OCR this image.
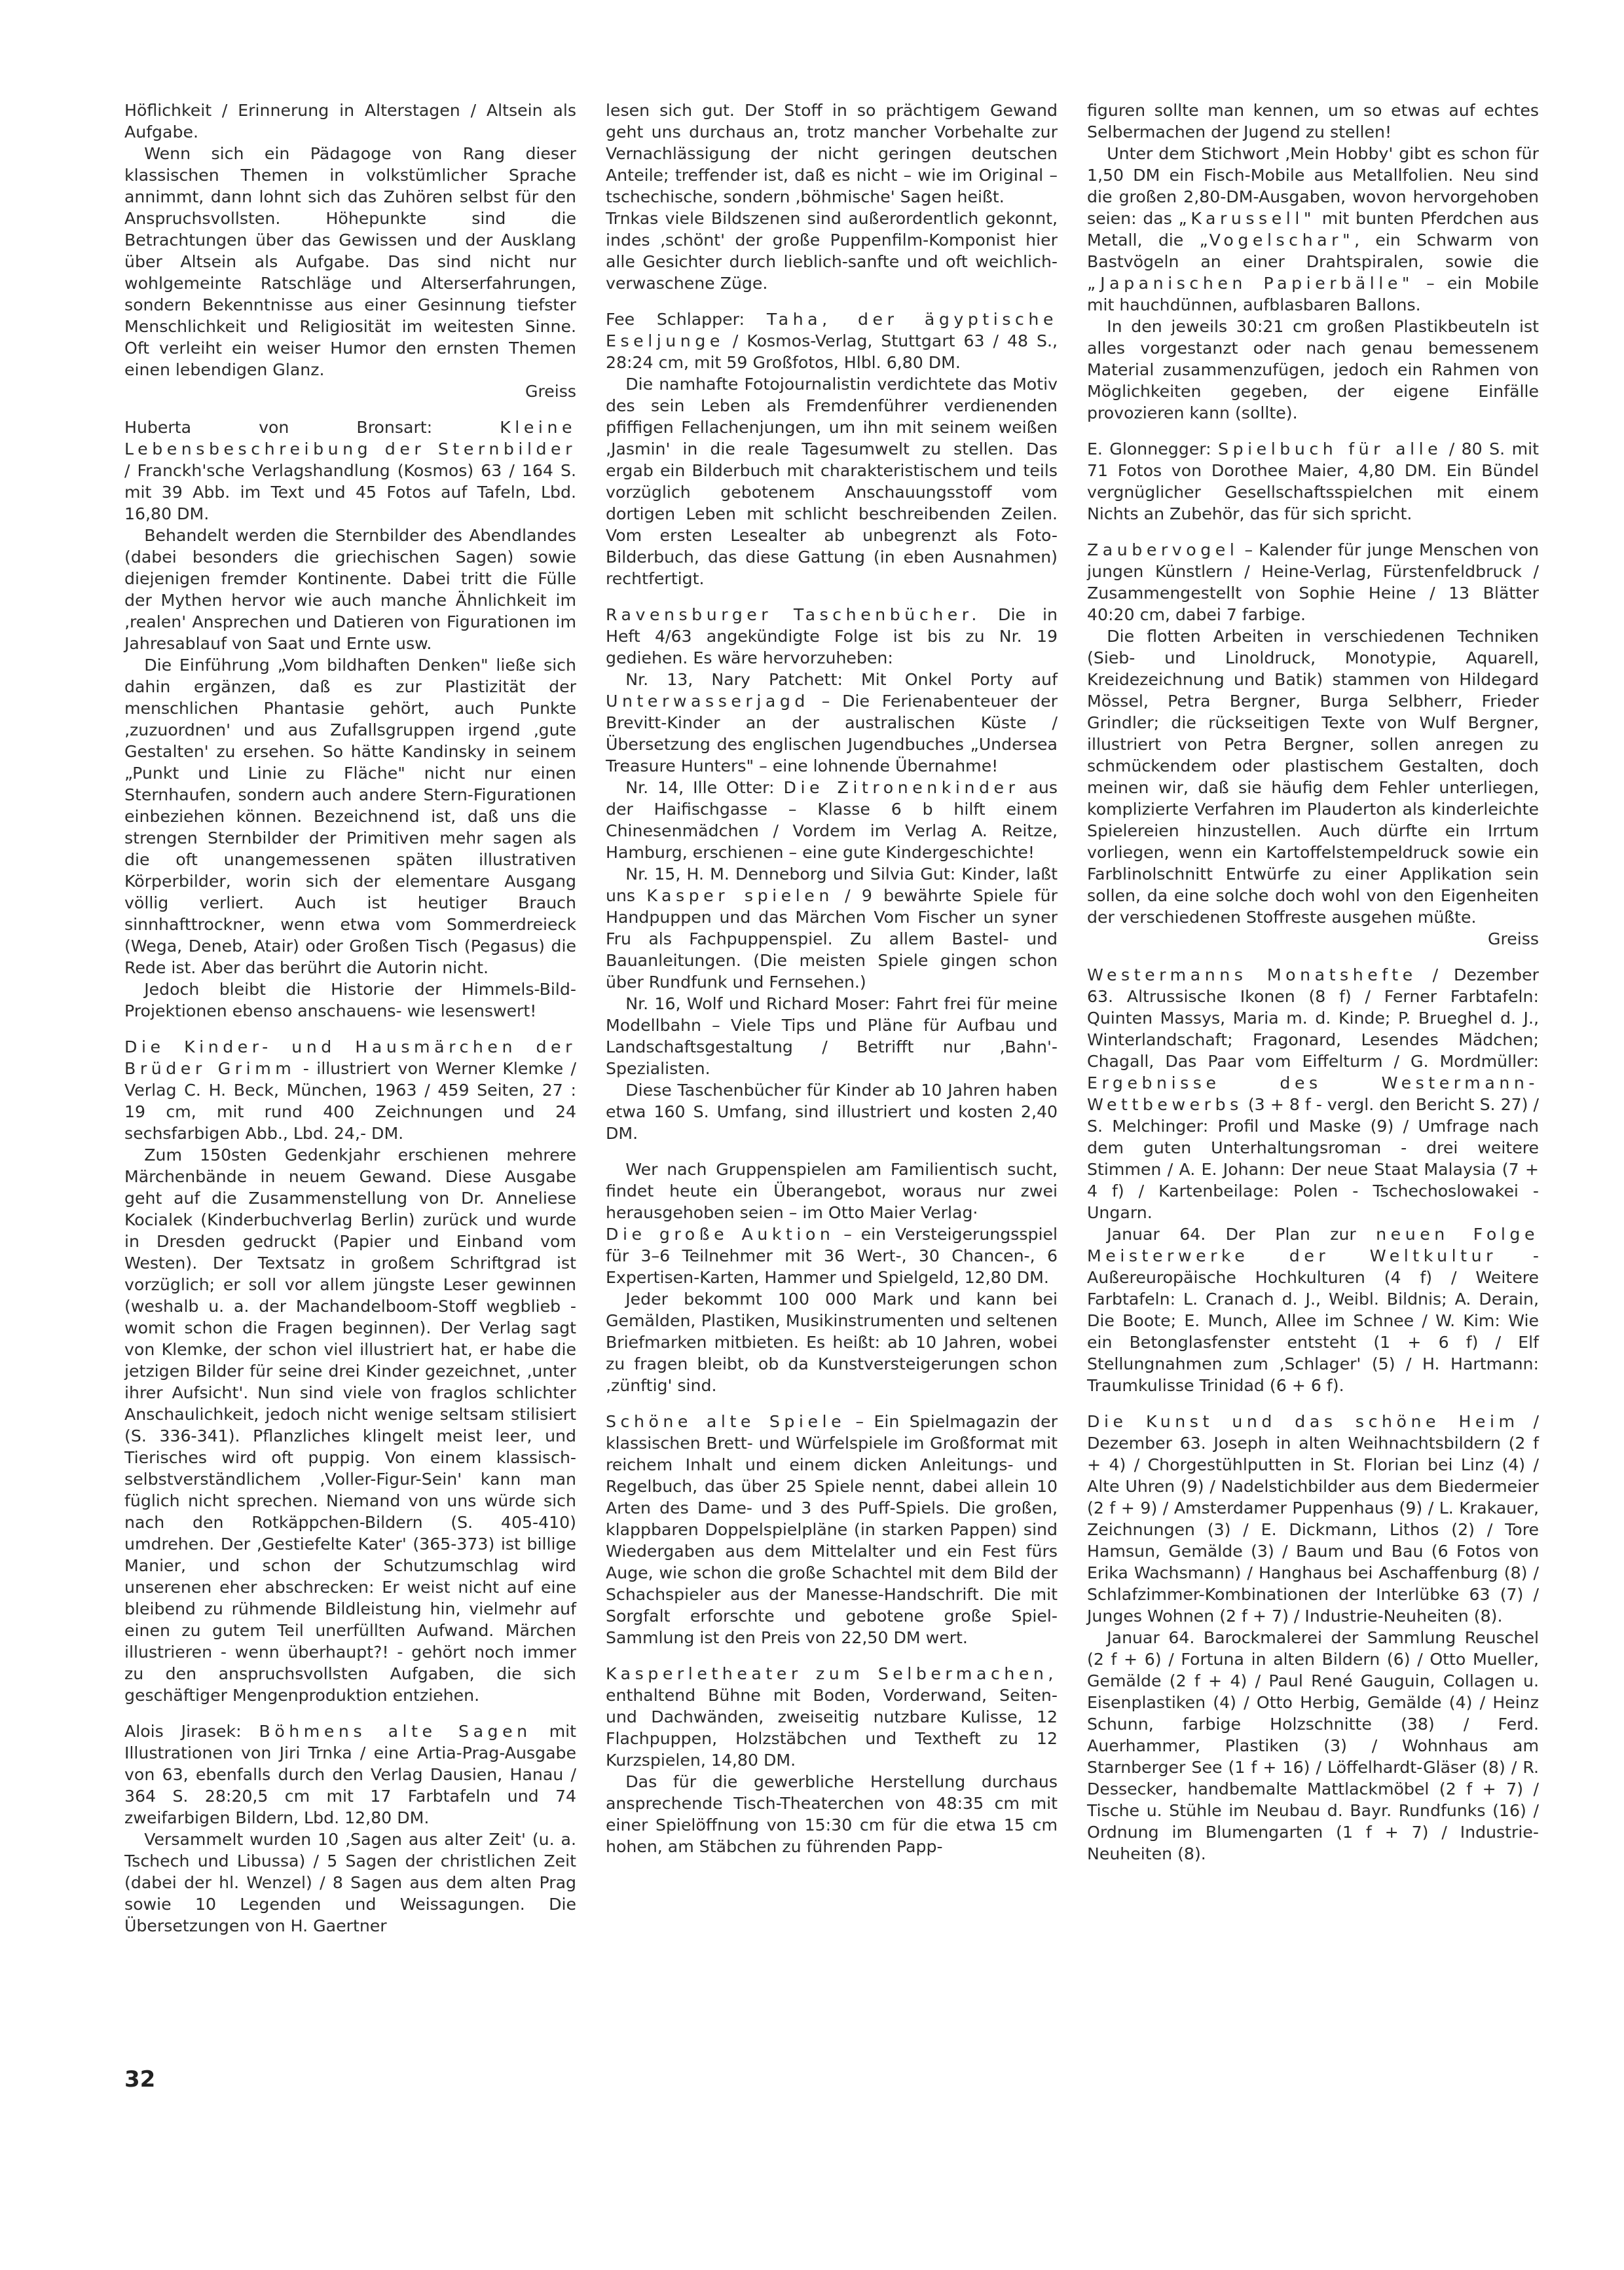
Höflichkeit / Erinnerung in Alterstagen / Altsein als Aufgabe.

Wenn sich ein Pädagoge von Rang dieser klassischen Themen in volkstümlicher Sprache annimmt, dann lohnt sich das Zuhören selbst für den Anspruchsvollsten. Höhepunkte sind die Betrachtungen über das Gewissen und der Ausklang über Altsein als Aufgabe. Das sind nicht nur wohlgemeinte Ratschläge und Alterserfahrungen, sondern Bekenntnisse aus einer Gesinnung tiefster Menschlichkeit und Religiosität im weitesten Sinne. Oft verleiht ein weiser Humor den ernsten Themen einen lebendigen Glanz.
Greiss

Huberta von Bronsart:	Kleine Lebensbeschreibung der Sternbilder / Franckh'sche Verlagshandlung (Kosmos) 63 / 164 S. mit 39 Abb. im Text und 45 Fotos auf Tafeln, Lbd. 16,80 DM.

Behandelt werden die Sternbilder des Abendlandes (dabei besonders die griechischen Sagen) sowie diejenigen fremder Kontinente. Dabei tritt die Fülle der Mythen hervor wie auch manche Ähnlichkeit im ‚realen' Ansprechen und Datieren von Figurationen im Jahresablauf von Saat und Ernte usw.

Die Einführung „Vom bildhaften Denken" ließe sich dahin ergänzen, daß es zur Plastizität der menschlichen Phantasie gehört, auch Punkte ‚zuzuordnen' und aus Zufallsgruppen irgend ‚gute Gestalten' zu ersehen. So hätte Kandinsky in seinem „Punkt und Linie zu Fläche" nicht nur einen Sternhaufen, sondern auch andere Stern-Figurationen einbeziehen können. Bezeichnend ist, daß uns die strengen Sternbilder der Primitiven mehr sagen als die oft unangemessenen späten illustrativen Körperbilder, worin sich der elementare Ausgang völlig verliert. Auch ist heutiger Brauch sinnhafttrockner, wenn etwa vom Sommerdreieck (Wega, Deneb, Atair) oder Großen Tisch (Pegasus) die Rede ist. Aber das berührt die Autorin nicht.

Jedoch bleibt die Historie der Himmels-Bild-Projektionen ebenso anschauens- wie lesenswert!

Die Kinder- und Hausmärchen der Brüder Grimm - illustriert von Werner Klemke / Verlag C. H. Beck, München, 1963 / 459 Seiten, 27 : 19 cm, mit rund 400 Zeichnungen und 24 sechsfarbigen Abb., Lbd. 24,- DM.

Zum 150sten Gedenkjahr erschienen mehrere Märchenbände in neuem Gewand. Diese Ausgabe geht auf die Zusammenstellung von Dr. Anneliese Kocialek (Kinderbuchverlag Berlin) zurück und wurde in Dresden gedruckt (Papier und Einband vom Westen). Der Textsatz in großem Schriftgrad ist vorzüglich; er soll vor allem jüngste Leser gewinnen (weshalb u. a. der Machandelboom-Stoff wegblieb - womit schon die Fragen beginnen). Der Verlag sagt von Klemke, der schon viel illustriert hat, er habe die jetzigen Bilder für seine drei Kinder gezeichnet, ‚unter ihrer Aufsicht'. Nun sind viele von fraglos schlichter Anschaulichkeit, jedoch nicht wenige seltsam stilisiert (S. 336-341). Pflanzliches klingelt meist leer, und Tierisches wird oft puppig. Von einem klassisch-selbstverständlichem ‚Voller-Figur-Sein' kann man füglich nicht sprechen. Niemand von uns würde sich nach den Rotkäppchen-Bildern (S. 405-410) umdrehen. Der ‚Gestiefelte Kater' (365-373) ist billige Manier, und schon der Schutzumschlag wird unserenen eher abschrecken: Er weist nicht auf eine bleibend zu rühmende Bildleistung hin, vielmehr auf einen zu gutem Teil unerfüllten Aufwand. Märchen illustrieren - wenn überhaupt?! - gehört noch immer zu den anspruchsvollsten Aufgaben, die sich geschäftiger Mengenproduktion entziehen.

Alois Jirasek: Böhmens alte Sagen mit Illustrationen von Jiri Trnka / eine Artia-Prag-Ausgabe von 63, ebenfalls durch den Verlag Dausien, Hanau / 364 S. 28:20,5 cm mit 17 Farbtafeln und 74 zweifarbigen Bildern, Lbd. 12,80 DM.

Versammelt wurden 10 ‚Sagen aus alter Zeit' (u. a. Tschech und Libussa) / 5 Sagen der christlichen Zeit (dabei der hl. Wenzel) / 8 Sagen aus dem alten Prag sowie 10 Legenden und Weissagungen. Die Übersetzungen von H. Gaertner

lesen sich gut. Der Stoff in so prächtigem Gewand geht uns durchaus an, trotz mancher Vorbehalte zur Vernachlässigung der nicht geringen deutschen Anteile; treffender ist, daß es nicht – wie im Original – tschechische, sondern ‚böhmische' Sagen heißt.

Trnkas viele Bildszenen sind außerordentlich gekonnt, indes ‚schönt' der große Puppenfilm-Komponist hier alle Gesichter durch lieblich-sanfte und oft weichlich-verwaschene Züge.

Fee Schlapper: Taha, der ägyptische Eseljunge / Kosmos-Verlag, Stuttgart 63 / 48 S., 28:24 cm, mit 59 Großfotos, Hlbl. 6,80 DM.

Die namhafte Fotojournalistin verdichtete das Motiv des sein Leben als Fremdenführer verdienenden pfiffigen Fellachenjungen, um ihn mit seinem weißen ‚Jasmin' in die reale Tagesumwelt zu stellen. Das ergab ein Bilderbuch mit charakteristischem und teils vorzüglich gebotenem Anschauungsstoff vom dortigen Leben mit schlicht beschreibenden Zeilen. Vom ersten Lesealter ab unbegrenzt als Foto-Bilderbuch, das diese Gattung (in eben Ausnahmen) rechtfertigt.

Ravensburger Taschenbücher. Die in Heft 4/63 angekündigte Folge ist bis zu Nr. 19 gediehen. Es wäre hervorzuheben:

Nr. 13, Nary Patchett: Mit Onkel Porty auf Unterwasserjagd – Die Ferienabenteuer der Brevitt-Kinder an der australischen Küste / Übersetzung des englischen Jugendbuches „Undersea Treasure Hunters" – eine lohnende Übernahme!

Nr. 14, Ille Otter: Die Zitronenkinder aus der Haifischgasse – Klasse 6 b hilft einem Chinesenmädchen / Vordem im Verlag A. Reitze, Hamburg, erschienen – eine gute Kindergeschichte!

Nr. 15, H. M. Denneborg und Silvia Gut: Kinder, laßt uns Kasper spielen / 9 bewährte Spiele für Handpuppen und das Märchen Vom Fischer un syner Fru als Fachpuppenspiel. Zu allem Bastel- und Bauanleitungen. (Die meisten Spiele gingen schon über Rundfunk und Fernsehen.)

Nr. 16, Wolf und Richard Moser: Fahrt frei für meine Modellbahn – Viele Tips und Pläne für Aufbau und Landschaftsgestaltung / Betrifft nur ‚Bahn'-Spezialisten.

Diese Taschenbücher für Kinder ab 10 Jahren haben etwa 160 S. Umfang, sind illustriert und kosten 2,40 DM.

Wer nach Gruppenspielen am Familientisch sucht, findet heute ein Überangebot, woraus nur zwei herausgehoben seien – im Otto Maier Verlag·

Die große Auktion – ein Versteigerungsspiel für 3–6 Teilnehmer mit 36 Wert-, 30 Chancen-, 6 Expertisen-Karten, Hammer und Spielgeld, 12,80 DM.

Jeder bekommt 100 000 Mark und kann bei Gemälden, Plastiken, Musikinstrumenten und seltenen Briefmarken mitbieten. Es heißt: ab 10 Jahren, wobei zu fragen bleibt, ob da Kunstversteigerungen schon ‚zünftig' sind.

Schöne alte Spiele – Ein Spielmagazin der klassischen Brett- und Würfelspiele im Großformat mit reichem Inhalt und einem dicken Anleitungs- und Regelbuch, das über 25 Spiele nennt, dabei allein 10 Arten des Dame- und 3 des Puff-Spiels. Die großen, klappbaren Doppelspielpläne (in starken Pappen) sind Wiedergaben aus dem Mittelalter und ein Fest fürs Auge, wie schon die große Schachtel mit dem Bild der Schachspieler aus der Manesse-Handschrift. Die mit Sorgfalt erforschte und gebotene große Spiel-Sammlung ist den Preis von 22,50 DM wert.

Kasperletheater zum Selbermachen, enthaltend Bühne mit Boden, Vorderwand, Seiten- und Dachwänden, zweiseitig nutzbare Kulisse, 12 Flachpuppen, Holzstäbchen und Textheft zu 12 Kurzspielen, 14,80 DM.

Das für die gewerbliche Herstellung durchaus ansprechende Tisch-Theaterchen von 48:35 cm mit einer Spielöffnung von 15:30 cm für die etwa 15 cm hohen, am Stäbchen zu führenden Papp-

figuren sollte man kennen, um so etwas auf echtes Selbermachen der Jugend zu stellen!

Unter dem Stichwort ‚Mein Hobby' gibt es schon für 1,50 DM ein Fisch-Mobile aus Metallfolien. Neu sind die großen 2,80-DM-Ausgaben, wovon hervorgehoben seien: das „Karussell" mit bunten Pferdchen aus Metall, die „Vogelschar", ein Schwarm von Bastvögeln an einer Drahtspiralen, sowie die „Japanischen Papierbälle" – ein Mobile mit hauchdünnen, aufblasbaren Ballons.

In den jeweils 30:21 cm großen Plastikbeuteln ist alles vorgestanzt oder nach genau bemessenem Material zusammenzufügen, jedoch ein Rahmen von Möglichkeiten gegeben, der eigene Einfälle provozieren kann (sollte).

E. Glonnegger: Spielbuch für alle / 80 S. mit 71 Fotos von Dorothee Maier, 4,80 DM. Ein Bündel vergnüglicher Gesellschaftsspielchen mit einem Nichts an Zubehör, das für sich spricht.

Zaubervogel – Kalender für junge Menschen von jungen Künstlern / Heine-Verlag, Fürstenfeldbruck / Zusammengestellt von Sophie Heine / 13 Blätter 40:20 cm, dabei 7 farbige.

Die flotten Arbeiten in verschiedenen Techniken (Sieb- und Linoldruck, Monotypie, Aquarell, Kreidezeichnung und Batik) stammen von Hildegard Mössel, Petra Bergner, Burga Selbherr, Frieder Grindler; die rückseitigen Texte von Wulf Bergner, illustriert von Petra Bergner, sollen anregen zu schmückendem oder plastischem Gestalten, doch meinen wir, daß sie häufig dem Fehler unterliegen, komplizierte Verfahren im Plauderton als kinderleichte Spielereien hinzustellen. Auch dürfte ein Irrtum vorliegen, wenn ein Kartoffelstempeldruck sowie ein Farblinolschnitt Entwürfe zu einer Applikation sein sollen, da eine solche doch wohl von den Eigenheiten der verschiedenen Stoffreste ausgehen müßte.
Greiss

Westermanns Monatshefte / Dezember 63. Altrussische Ikonen (8 f) / Ferner Farbtafeln: Quinten Massys, Maria m. d. Kinde; P. Brueghel d. J., Winterlandschaft; Fragonard, Lesendes Mädchen; Chagall, Das Paar vom Eiffelturm / G. Mordmüller: Ergebnisse des Westermann-Wettbewerbs (3 + 8 f - vergl. den Bericht S. 27) / S. Melchinger: Profil und Maske (9) / Umfrage nach dem guten Unterhaltungsroman - drei weitere Stimmen / A. E. Johann: Der neue Staat Malaysia (7 + 4 f) / Kartenbeilage: Polen - Tschechoslowakei - Ungarn.

Januar 64. Der Plan zur neuen Folge Meisterwerke der Weltkultur - Außereuropäische Hochkulturen (4 f) / Weitere Farbtafeln: L. Cranach d. J., Weibl. Bildnis; A. Derain, Die Boote; E. Munch, Allee im Schnee / W. Kim: Wie ein Betonglasfenster entsteht (1 + 6 f) / Elf Stellungnahmen zum ‚Schlager' (5) / H. Hartmann: Traumkulisse Trinidad (6 + 6 f).

Die Kunst und das schöne Heim / Dezember 63. Joseph in alten Weihnachtsbildern (2 f + 4) / Chorgestühlputten in St. Florian bei Linz (4) / Alte Uhren (9) / Nadelstichbilder aus dem Biedermeier (2 f + 9) / Amsterdamer Puppenhaus (9) / L. Krakauer, Zeichnungen (3) / E. Dickmann, Lithos (2) / Tore Hamsun, Gemälde (3) / Baum und Bau (6 Fotos von Erika Wachsmann) / Hanghaus bei Aschaffenburg (8) / Schlafzimmer-Kombinationen der Interlübke 63 (7) / Junges Wohnen (2 f + 7) / Industrie-Neuheiten (8).

Januar 64. Barockmalerei der Sammlung Reuschel (2 f + 6) / Fortuna in alten Bildern (6) / Otto Mueller, Gemälde (2 f + 4) / Paul René Gauguin, Collagen u. Eisenplastiken (4) / Otto Herbig, Gemälde (4) / Heinz Schunn, farbige Holzschnitte (38) / Ferd. Auerhammer, Plastiken (3) / Wohnhaus am Starnberger See (1 f + 16) / Löffelhardt-Gläser (8) / R. Dessecker, handbemalte Mattlackmöbel (2 f + 7) / Tische u. Stühle im Neubau d. Bayr. Rundfunks (16) / Ordnung im Blumengarten (1 f + 7) / Industrie-Neuheiten (8).

32
